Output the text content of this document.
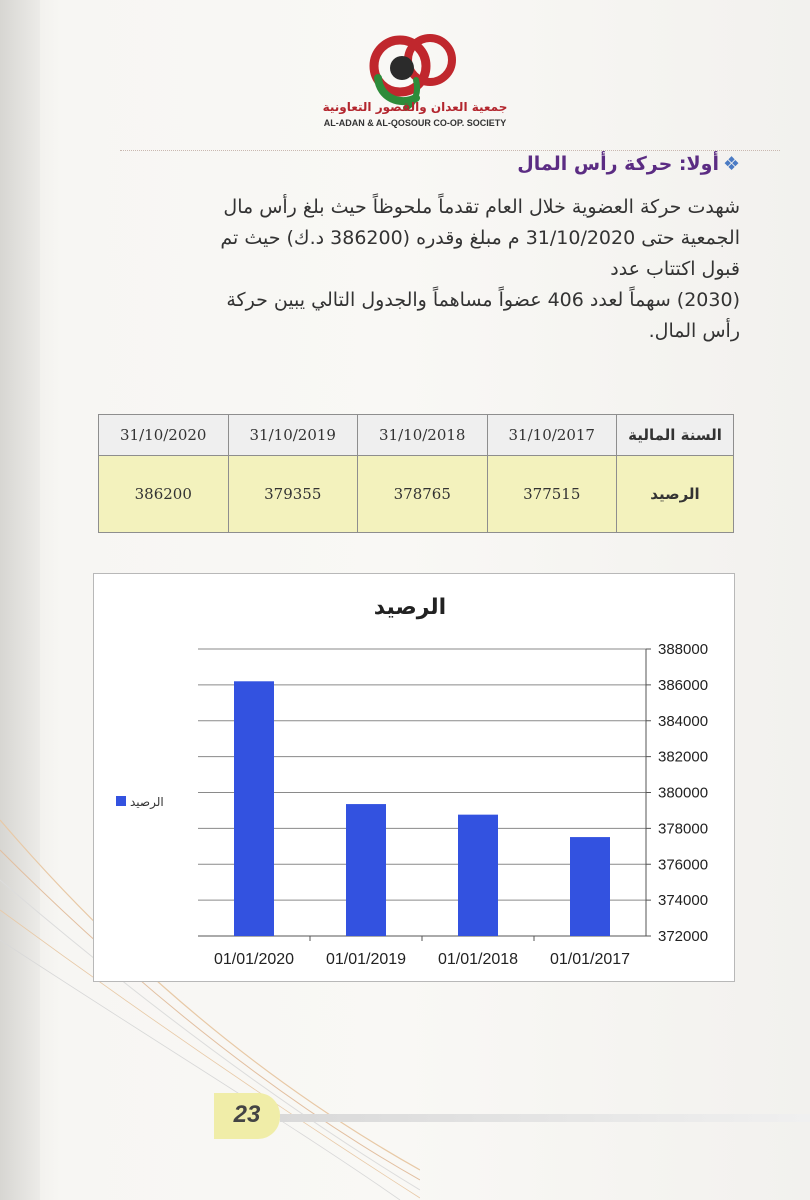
جمعية العدان والقصور التعاونية
AL-ADAN & AL-QOSOUR CO-OP. SOCIETY
❖أولا: حركة رأس المال
شهدت حركة العضوية خلال العام تقدماً ملحوظاً حيث بلغ رأس مال
الجمعية حتى 31/10/2020 م مبلغ وقدره (386200 د.ك) حيث تم
قبول اكتتاب عدد
(2030) سهماً لعدد 406 عضواً مساهماً والجدول التالي يبين حركة
رأس المال.
السنة المالية	31/10/2017	31/10/2018	31/10/2019	31/10/2020
الرصيد	377515	378765	379355	386200
الرصيد
372000
374000
376000
378000
380000
382000
384000
386000
388000
01/01/2017
01/01/2018
01/01/2019
01/01/2020
الرصيد
23
